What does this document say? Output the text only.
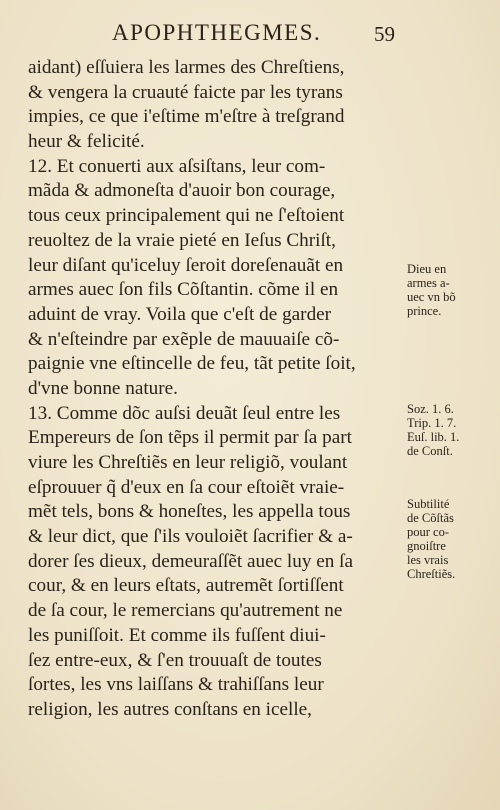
APOPHTHEGMES.	59
aidant) eſſuiera les larmes des Chreſtiens,
& vengera la cruauté faicte par les tyrans
impies, ce que i'eſtime m'eſtre à treſgrand
heur & felicité.
12. Et conuerti aux aſsiſtans, leur com-
mãda & admoneſta d'auoir bon courage,
tous ceux principalement qui ne ſ'eſtoient
reuoltez de la vraie pieté en Ieſus Chriſt,
leur diſant qu'iceluy ſeroit doreſenauãt en
armes auec ſon fils Cõſtantin. cõme il en
aduint de vray. Voila que c'eſt de garder
& n'eſteindre par exẽple de mauuaiſe cõ-
paignie vne eſtincelle de feu, tãt petite ſoit,
d'vne bonne nature.
13. Comme dõc auſsi deuãt ſeul entre les
Empereurs de ſon tẽps il permit par ſa part
viure les Chreſtiẽs en leur religiõ, voulant
eſprouuer q̃ d'eux en ſa cour eſtoiẽt vraie-
mẽt tels, bons & honeſtes, les appella tous
& leur dict, que ſ'ils vouloiẽt ſacrifier & a-
dorer ſes dieux, demeuraſſẽt auec luy en ſa
cour, & en leurs eſtats, autremẽt ſortiſſent
de ſa cour, le remercians qu'autrement ne
les puniſſoit. Et comme ils fuſſent diui-
ſez entre-eux, & ſ'en trouuaſt de toutes
ſortes, les vns laiſſans & trahiſſans leur
religion, les autres conſtans en icelle,
Dieu en
armes a-
uec vn bõ
prince.
Soz. 1. 6.
Trip. 1. 7.
Euſ. lib. 1.
de Conſt.
Subtilité
de Cõſtãs
pour co-
gnoiſtre
les vrais
Chreſtiẽs.
